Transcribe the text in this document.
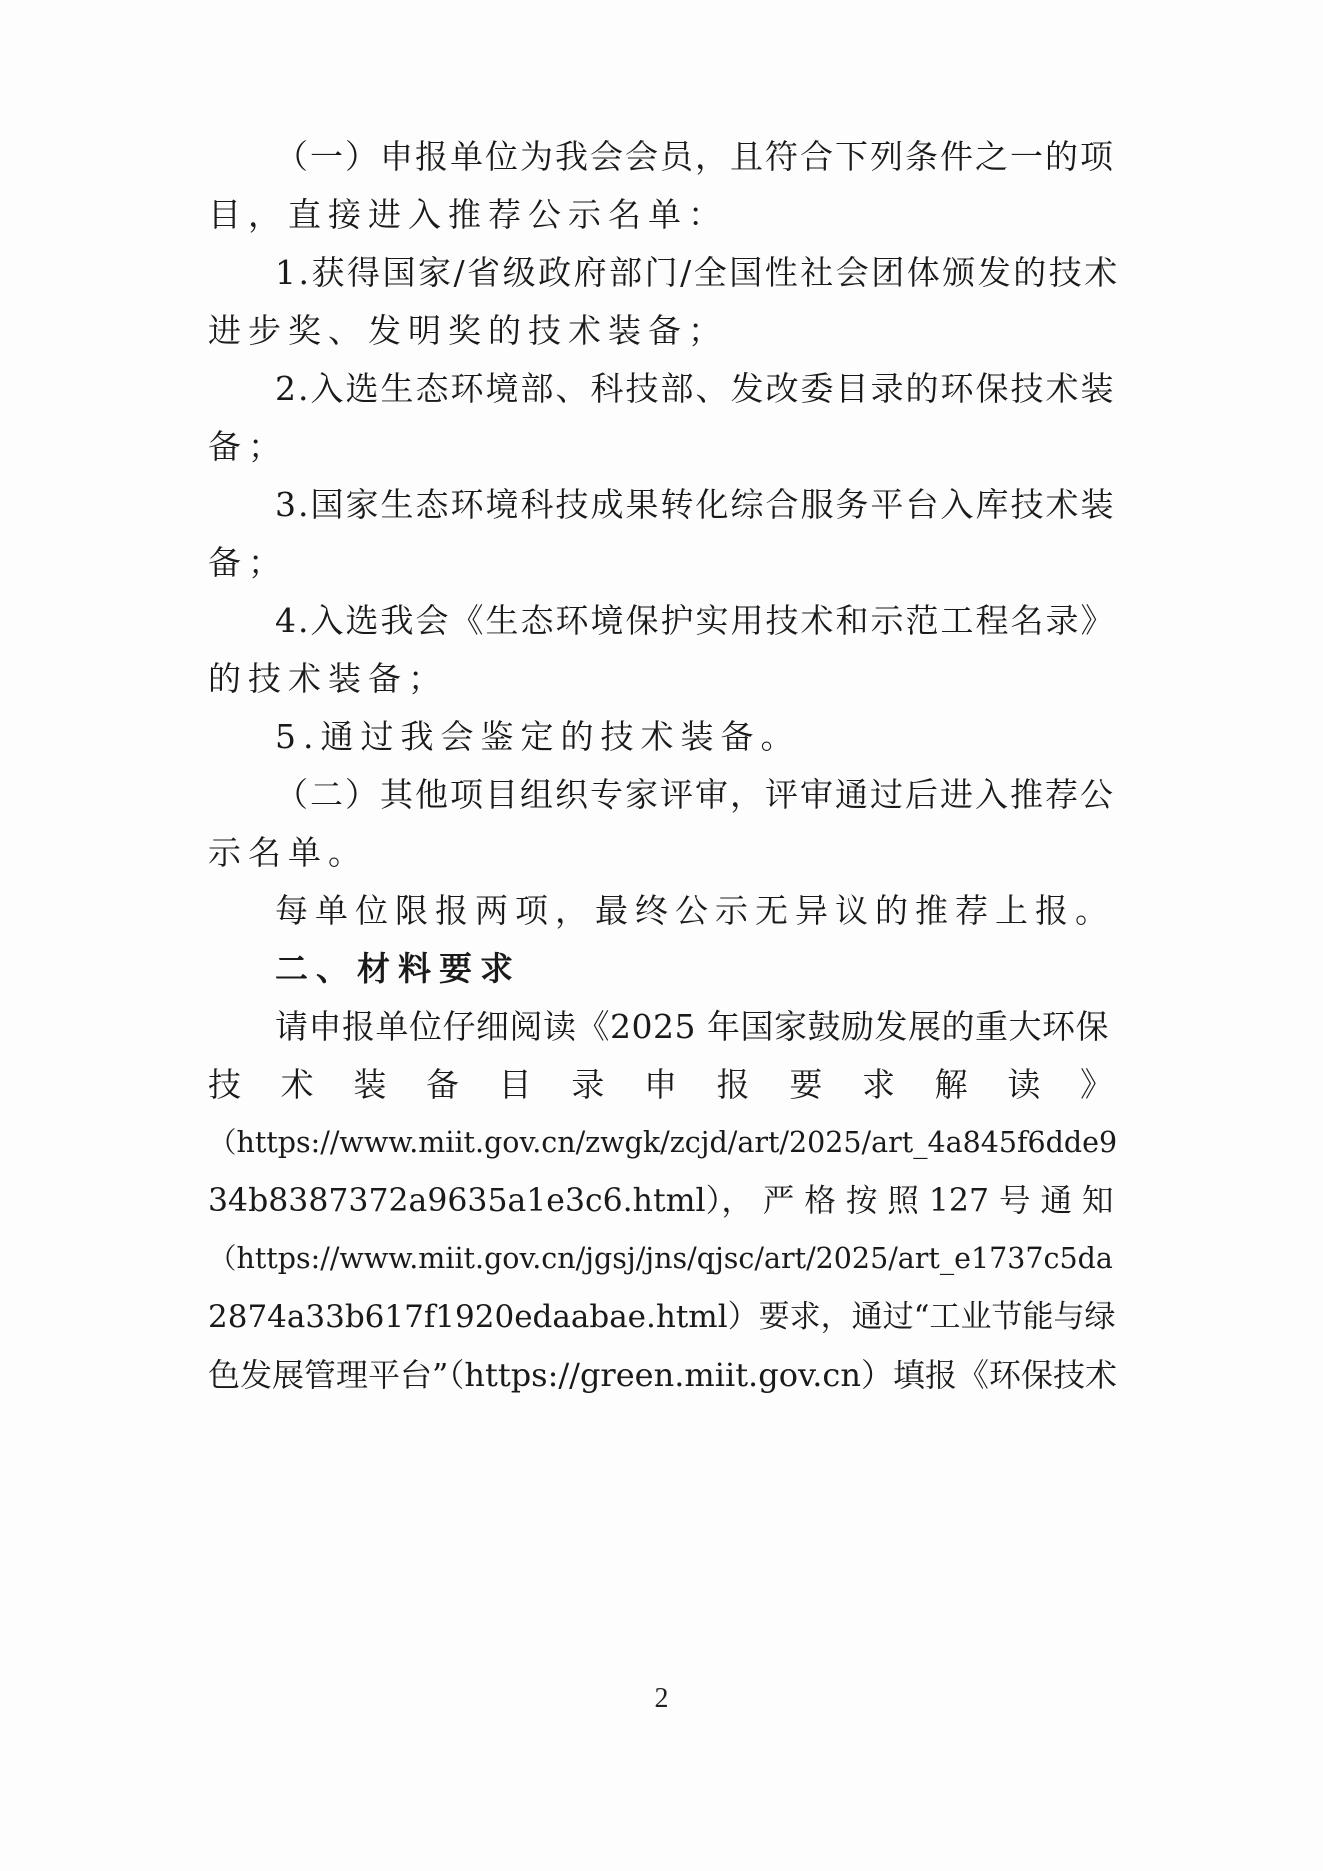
（一）申报单位为我会会员，且符合下列条件之一的项
目，直接进入推荐公示名单：
1.获得国家/省级政府部门/全国性社会团体颁发的技术
进步奖、发明奖的技术装备；
2.入选生态环境部、科技部、发改委目录的环保技术装
备；
3.国家生态环境科技成果转化综合服务平台入库技术装
备；
4.入选我会《生态环境保护实用技术和示范工程名录》
的技术装备；
5.通过我会鉴定的技术装备。
（二）其他项目组织专家评审，评审通过后进入推荐公
示名单。
每单位限报两项，最终公示无异议的推荐上报。
二、材料要求
请申报单位仔细阅读《2025 年国家鼓励发展的重大环保
技 术 装 备 目 录 申 报 要 求 解 读 》
（https://www.miit.gov.cn/zwgk/zcjd/art/2025/art_4a845f6dde9
34b8387372a9635a1e3c6.html）， 严 格 按 照 127 号 通 知
（https://www.miit.gov.cn/jgsj/jns/qjsc/art/2025/art_e1737c5da
2874a33b617f1920edaabae.html）要求，通过“工业节能与绿
色发展管理平台”（https://green.miit.gov.cn）填报《环保技术
2
